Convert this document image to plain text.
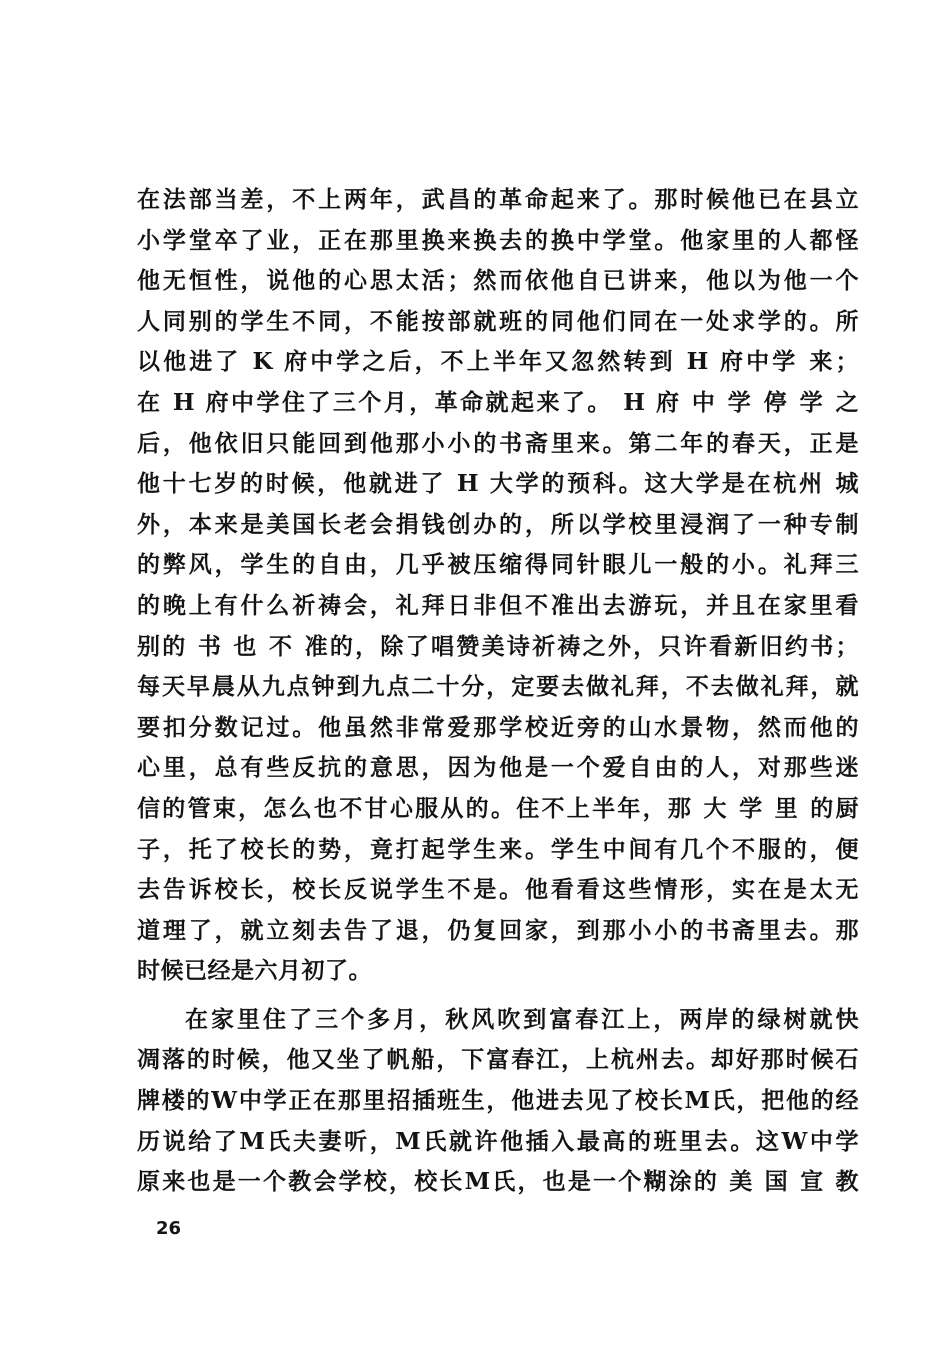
在法部当差，不上两年，武昌的革命起来了。那时候他已在县立
小学堂卒了业，正在那里换来换去的换中学堂。他家里的人都怪
他无恒性，说他的心思太活；然而依他自已讲来，他以为他一个
人同别的学生不同，不能按部就班的同他们同在一处求学的。所
以他进了 K 府中学之后，不上半年又忽然转到 H 府中学 来；
在 H 府中学住了三个月，革命就起来了。 H 府 中 学 停 学 之
后，他依旧只能回到他那小小的书斋里来。第二年的春天，正是
他十七岁的时候，他就进了 H 大学的预科。这大学是在杭州 城
外，本来是美国长老会捐钱创办的，所以学校里浸润了一种专制
的弊风，学生的自由，几乎被压缩得同针眼儿一般的小。礼拜三
的晚上有什么祈祷会，礼拜日非但不准出去游玩，并且在家里看
别的 书 也 不 准的，除了唱赞美诗祈祷之外，只许看新旧约书；
每天早晨从九点钟到九点二十分，定要去做礼拜，不去做礼拜，就
要扣分数记过。他虽然非常爱那学校近旁的山水景物，然而他的
心里，总有些反抗的意思，因为他是一个爱自由的人，对那些迷
信的管束，怎么也不甘心服从的。住不上半年，那 大 学 里 的厨
子，托了校长的势，竟打起学生来。学生中间有几个不服的，便
去告诉校长，校长反说学生不是。他看看这些情形，实在是太无
道理了，就立刻去告了退，仍复回家，到那小小的书斋里去。那
时候已经是六月初了。
在家里住了三个多月，秋风吹到富春江上，两岸的绿树就快
凋落的时候，他又坐了帆船，下富春江，上杭州去。却好那时候石
牌楼的W中学正在那里招插班生，他进去见了校长M氏，把他的经
历说给了M氏夫妻听，M氏就许他插入最高的班里去。这W中学
原来也是一个教会学校，校长M氏，也是一个糊涂的 美 国 宣 教
26
